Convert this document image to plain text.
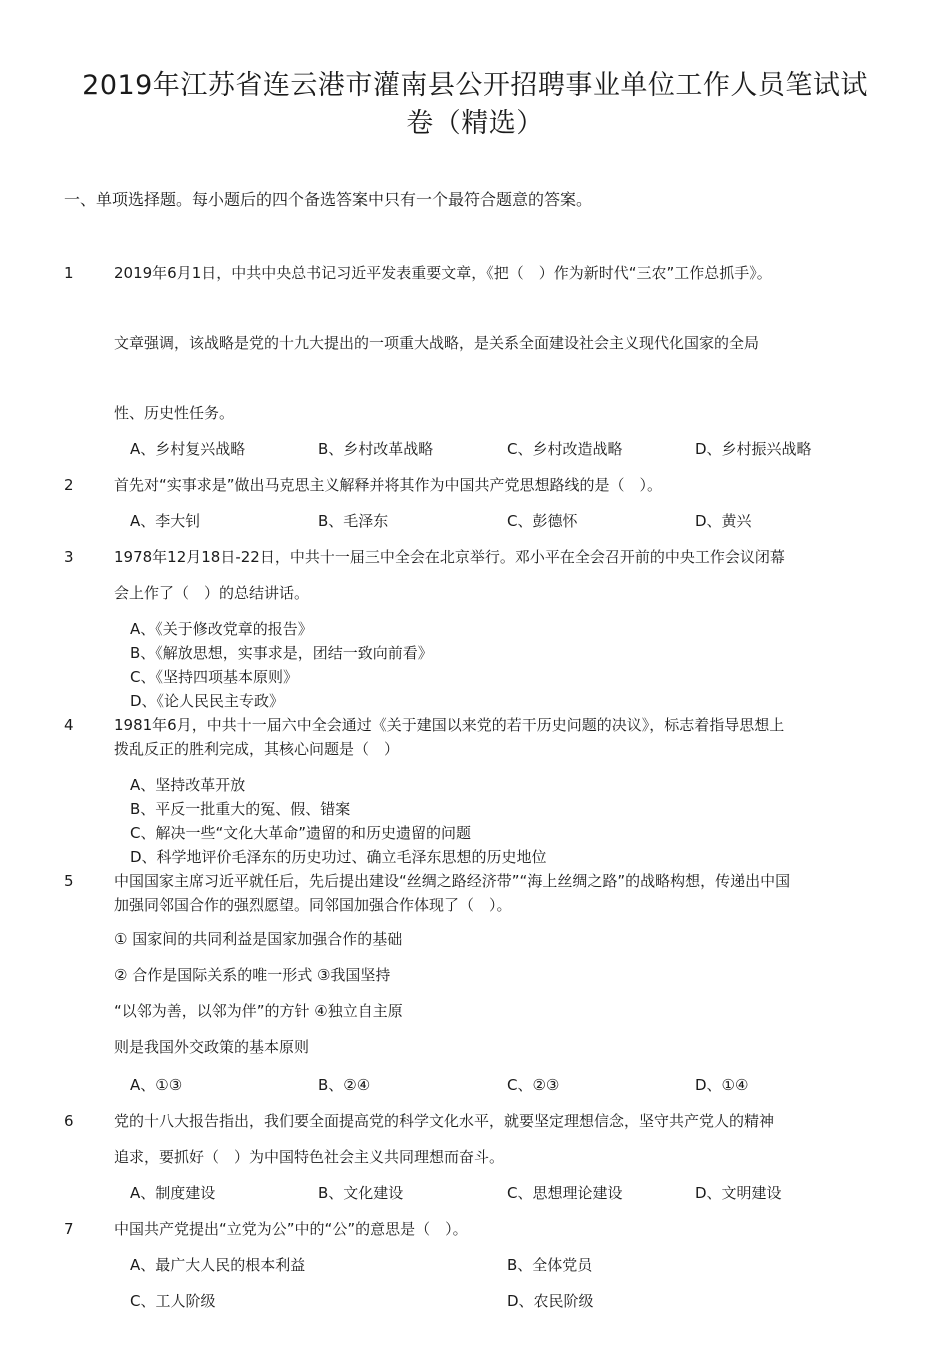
2019年江苏省连云港市灌南县公开招聘事业单位工作人员笔试试
卷（精选）
一、单项选择题。每小题后的四个备选答案中只有一个最符合题意的答案。
1	2019年6月1日，中共中央总书记习近平发表重要文章，《把（　）作为新时代“三农”工作总抓手》。
文章强调，该战略是党的十九大提出的一项重大战略，是关系全面建设社会主义现代化国家的全局
性、历史性任务。
A、乡村复兴战略	B、乡村改革战略	C、乡村改造战略	D、乡村振兴战略
2	首先对“实事求是”做出马克思主义解释并将其作为中国共产党思想路线的是（　）。
A、李大钊	B、毛泽东	C、彭德怀	D、黄兴
3	1978年12月18日-22日，中共十一届三中全会在北京举行。邓小平在全会召开前的中央工作会议闭幕
会上作了（　）的总结讲话。
A、《关于修改党章的报告》
B、《解放思想，实事求是，团结一致向前看》
C、《坚持四项基本原则》
D、《论人民民主专政》
4	1981年6月，中共十一届六中全会通过《关于建国以来党的若干历史问题的决议》，标志着指导思想上
拨乱反正的胜利完成，其核心问题是（　）
A、坚持改革开放
B、平反一批重大的冤、假、错案
C、解决一些“文化大革命”遗留的和历史遗留的问题
D、科学地评价毛泽东的历史功过、确立毛泽东思想的历史地位
5	中国国家主席习近平就任后，先后提出建设“丝绸之路经济带”“海上丝绸之路”的战略构想，传递出中国
加强同邻国合作的强烈愿望。同邻国加强合作体现了（　）。
① 国家间的共同利益是国家加强合作的基础
② 合作是国际关系的唯一形式 ③我国坚持
“以邻为善，以邻为伴”的方针 ④独立自主原
则是我国外交政策的基本原则
A、①③	B、②④	C、②③	D、①④
6	党的十八大报告指出，我们要全面提高党的科学文化水平，就要坚定理想信念，坚守共产党人的精神
追求，要抓好（　）为中国特色社会主义共同理想而奋斗。
A、制度建设	B、文化建设	C、思想理论建设	D、文明建设
7	中国共产党提出“立党为公”中的“公”的意思是（　）。
A、最广大人民的根本利益	B、全体党员
C、工人阶级	D、农民阶级
